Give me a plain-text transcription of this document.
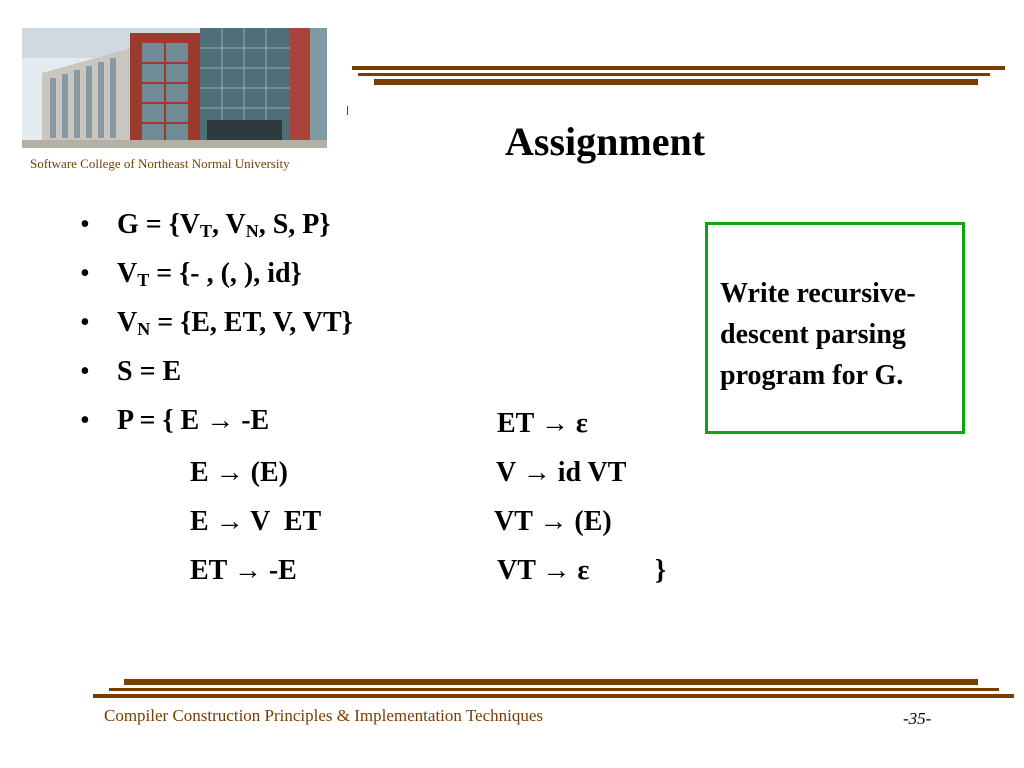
Software College of Northeast Normal University	Assignment
• $G = \{V_T$, $V_N$, S, P}
• $V_T$ = {- , (, ), id}
• $V_N = \{E$, ET, V, VT}
• S = E
• P = { E → -E	ET → ε
E → (E)	V → id VT
E → V  ET	VT → (E)
ET → -E	VT → ε }
Write recursive-descent parsing program for G.
Compiler Construction Principles & Implementation Techniques	-35-
